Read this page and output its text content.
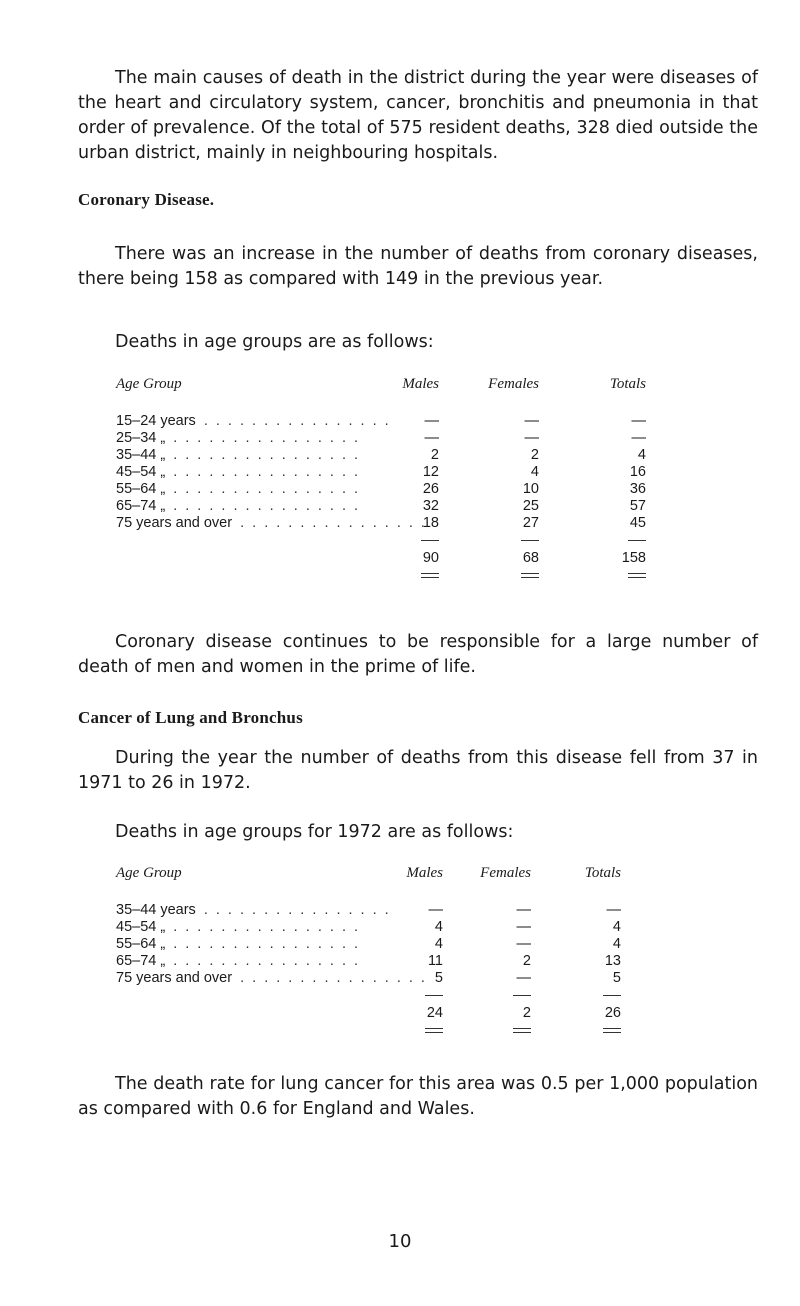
The main causes of death in the district during the year were diseases of the heart and circulatory system, cancer, bronchitis and pneumonia in that order of prevalence. Of the total of 575 resident deaths, 328 died outside the urban district, mainly in neighbouring hospitals.

Coronary Disease.

There was an increase in the number of deaths from coronary diseases, there being 158 as compared with 149 in the previous year.

Deaths in age groups are as follows:

Age Group	Males	Females	Totals
15–24 years . . . . . . . . . . . . . . . .	—	—	—
25–34 „ . . . . . . . . . . . . . . . .	—	—	—
35–44 „ . . . . . . . . . . . . . . . .	2	2	4
45–54 „ . . . . . . . . . . . . . . . .	12	4	16
55–64 „ . . . . . . . . . . . . . . . .	26	10	36
65–74 „ . . . . . . . . . . . . . . . .	32	25	57
75 years and over . . . . . . . . . . . . . . . .	18	27	45

	90	68	158

Coronary disease continues to be responsible for a large number of death of men and women in the prime of life.

Cancer of Lung and Bronchus

During the year the number of deaths from this disease fell from 37 in 1971 to 26 in 1972.

Deaths in age groups for 1972 are as follows:

Age Group	Males	Females	Totals
35–44 years . . . . . . . . . . . . . . . .	—	—	—
45–54 „ . . . . . . . . . . . . . . . .	4	—	4
55–64 „ . . . . . . . . . . . . . . . .	4	—	4
65–74 „ . . . . . . . . . . . . . . . .	11	2	13
75 years and over . . . . . . . . . . . . . . . .	5	—	5

	24	2	26

The death rate for lung cancer for this area was 0.5 per 1,000 population as compared with 0.6 for England and Wales.

10
